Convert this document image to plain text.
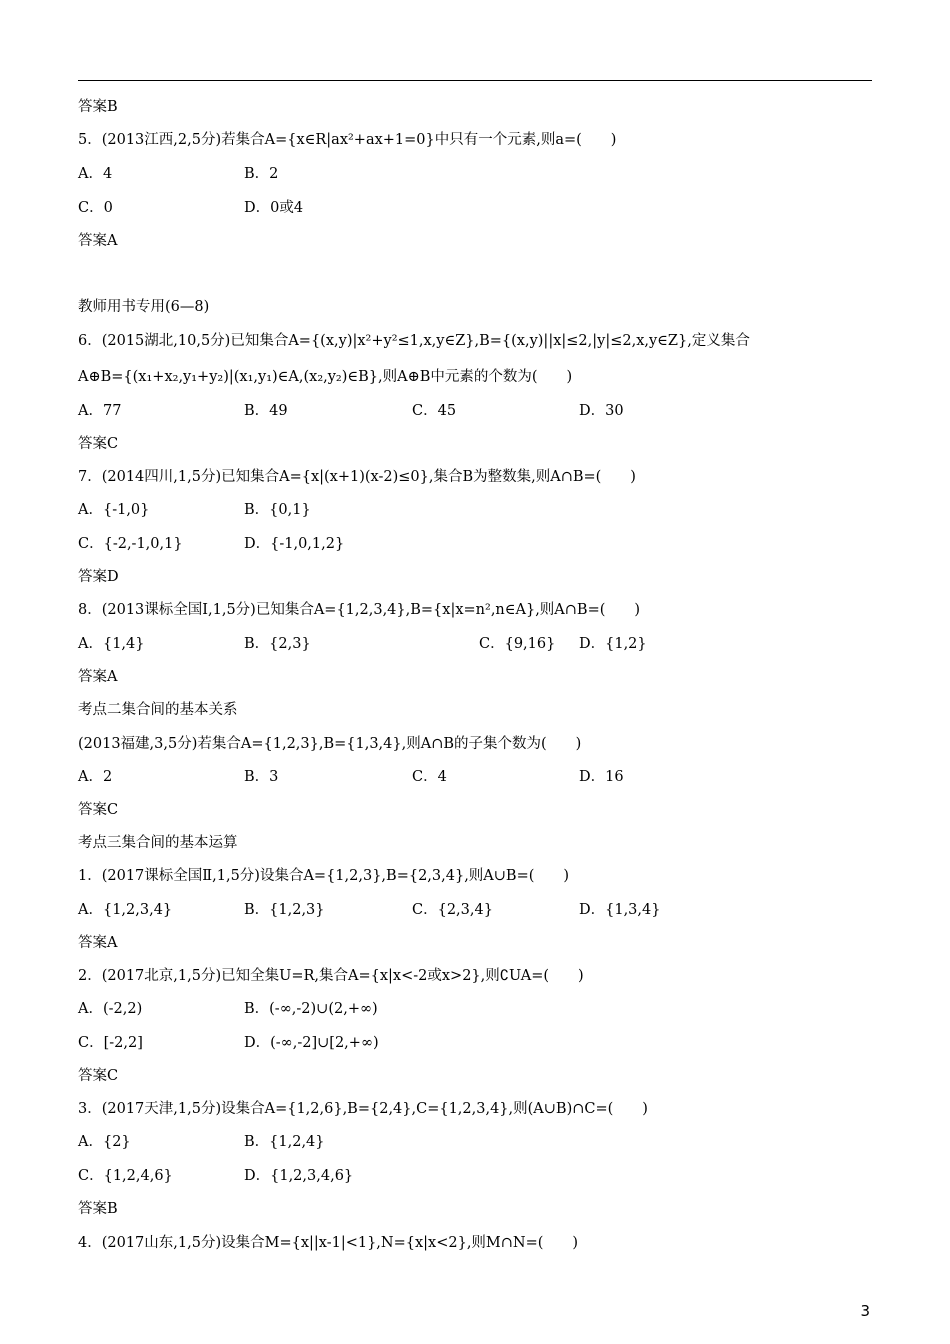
答案B
5．(2013江西,2,5分)若集合A={x∈R|ax²+ax+1=0}中只有一个元素,则a=(　　)
A．4	B．2
C．0	D．0或4
答案A
教师用书专用(6—8)
6．(2015湖北,10,5分)已知集合A={(x,y)|x²+y²≤1,x,y∈Z},B={(x,y)||x|≤2,|y|≤2,x,y∈Z},定义集合
A⊕B={(x₁+x₂,y₁+y₂)|(x₁,y₁)∈A,(x₂,y₂)∈B},则A⊕B中元素的个数为(　　)
A．77	B．49	C．45	D．30
答案C
7．(2014四川,1,5分)已知集合A={x|(x+1)(x-2)≤0},集合B为整数集,则A∩B=(　　)
A．{-1,0}	B．{0,1}
C．{-2,-1,0,1}	D．{-1,0,1,2}
答案D
8．(2013课标全国Ⅰ,1,5分)已知集合A={1,2,3,4},B={x|x=n²,n∈A},则A∩B=(　　)
A．{1,4}	B．{2,3}	C．{9,16} D．{1,2}
答案A
考点二集合间的基本关系
(2013福建,3,5分)若集合A={1,2,3},B={1,3,4},则A∩B的子集个数为(　　)
A．2	B．3	C．4	D．16
答案C
考点三集合间的基本运算
1．(2017课标全国Ⅱ,1,5分)设集合A={1,2,3},B={2,3,4},则A∪B=(　　)
A．{1,2,3,4}	B．{1,2,3}	C．{2,3,4}	D．{1,3,4}
答案A
2．(2017北京,1,5分)已知全集U=R,集合A={x|x<-2或x>2},则∁UA=(　　)
A．(-2,2)	B．(-∞,-2)∪(2,+∞)
C．[-2,2]	D．(-∞,-2]∪[2,+∞)
答案C
3．(2017天津,1,5分)设集合A={1,2,6},B={2,4},C={1,2,3,4},则(A∪B)∩C=(　　)
A．{2}	B．{1,2,4}
C．{1,2,4,6}	D．{1,2,3,4,6}
答案B
4．(2017山东,1,5分)设集合M={x||x-1|<1},N={x|x<2},则M∩N=(　　)
3
